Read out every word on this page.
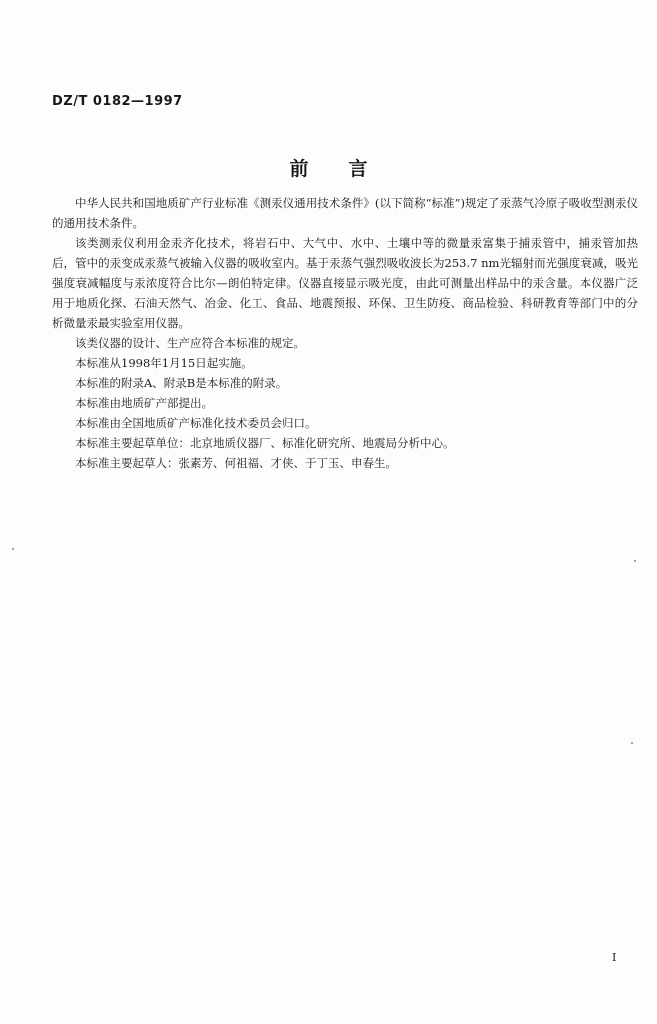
DZ/T 0182—1997
前言

中华人民共和国地质矿产行业标准《测汞仪通用技术条件》(以下简称“标准”)规定了汞蒸气冷原子吸收型测汞仪的通用技术条件。

该类测汞仪利用金汞齐化技术，将岩石中、大气中、水中、土壤中等的微量汞富集于捕汞管中，捕汞管加热后，管中的汞变成汞蒸气被输入仪器的吸收室内。基于汞蒸气强烈吸收波长为253.7 nm光辐射而光强度衰减，吸光强度衰减幅度与汞浓度符合比尔—朗伯特定律。仪器直接显示吸光度，由此可测量出样品中的汞含量。本仪器广泛用于地质化探、石油天然气、冶金、化工、食品、地震预报、环保、卫生防疫、商品检验、科研教育等部门中的分析微量汞最实验室用仪器。

该类仪器的设计、生产应符合本标准的规定。

本标准从1998年1月15日起实施。

本标准的附录A、附录B是本标准的附录。

本标准由地质矿产部提出。

本标准由全国地质矿产标准化技术委员会归口。

本标准主要起草单位：北京地质仪器厂、标准化研究所、地震局分析中心。

本标准主要起草人：张素芳、何祖福、才侠、于丁玉、申春生。

I
